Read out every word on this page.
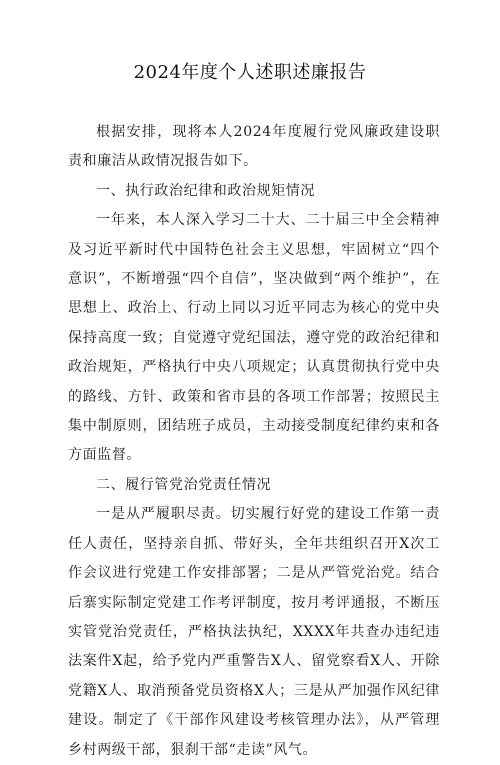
2024年度个人述职述廉报告

根据安排，现将本人2024年度履行党风廉政建设职责和廉洁从政情况报告如下。

一、执行政治纪律和政治规矩情况

一年来，本人深入学习二十大、二十届三中全会精神及习近平新时代中国特色社会主义思想，牢固树立“四个意识”，不断增强“四个自信”，坚决做到“两个维护”，在思想上、政治上、行动上同以习近平同志为核心的党中央保持高度一致；自觉遵守党纪国法，遵守党的政治纪律和政治规矩，严格执行中央八项规定；认真贯彻执行党中央的路线、方针、政策和省市县的各项工作部署；按照民主集中制原则，团结班子成员，主动接受制度纪律约束和各方面监督。

二、履行管党治党责任情况

一是从严履职尽责。切实履行好党的建设工作第一责任人责任，坚持亲自抓、带好头，全年共组织召开X次工作会议进行党建工作安排部署；二是从严管党治党。结合后寨实际制定党建工作考评制度，按月考评通报，不断压实管党治党责任，严格执法执纪，XXXX年共查办违纪违法案件X起，给予党内严重警告X人、留党察看X人、开除党籍X人、取消预备党员资格X人；三是从严加强作风纪律建设。制定了《干部作风建设考核管理办法》，从严管理乡村两级干部，狠刹干部“走读”风气。
